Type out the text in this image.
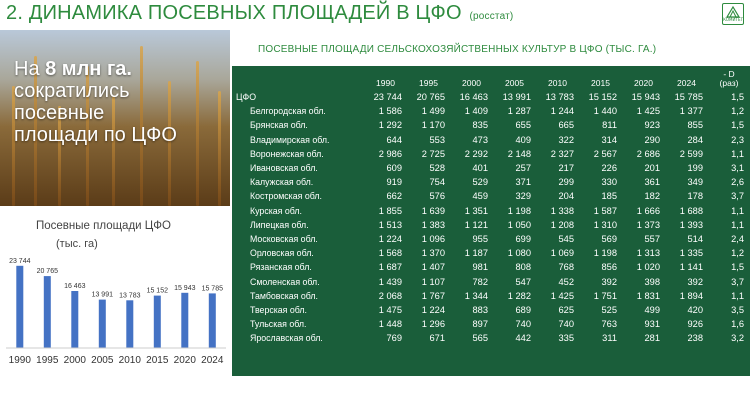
2. ДИНАМИКА ПОСЕВНЫХ ПЛОЩАДЕЙ В ЦФО (росстат)	КОМИТЕТ
На 8 млн га.
сократились
посевные
площади по ЦФО
Посевные площади ЦФО
(тыс. га)
23 744
1990
20 765
1995
16 463
2000
13 991
2005
13 783
2010
15 152
2015
15 943
2020
15 785
2024
ПОСЕВНЫЕ ПЛОЩАДИ СЕЛЬСКОХОЗЯЙСТВЕННЫХ КУЛЬТУР В ЦФО (ТЫС. ГА.)
	1990	1995	2000	2005	2010	2015	2020	2024	- D
(раз)

ЦФО	23 744	20 765	16 463	13 991	13 783	15 152	15 943	15 785	1,5
Белгородская обл.	1 586	1 499	1 409	1 287	1 244	1 440	1 425	1 377	1,2
Брянская обл.	1 292	1 170	835	655	665	811	923	855	1,5
Владимирская обл.	644	553	473	409	322	314	290	284	2,3
Воронежская обл.	2 986	2 725	2 292	2 148	2 327	2 567	2 686	2 599	1,1
Ивановская обл.	609	528	401	257	217	226	201	199	3,1
Калужская обл.	919	754	529	371	299	330	361	349	2,6
Костромская обл.	662	576	459	329	204	185	182	178	3,7
Курская обл.	1 855	1 639	1 351	1 198	1 338	1 587	1 666	1 688	1,1
Липецкая обл.	1 513	1 383	1 121	1 050	1 208	1 310	1 373	1 393	1,1
Московская обл.	1 224	1 096	955	699	545	569	557	514	2,4
Орловская обл.	1 568	1 370	1 187	1 080	1 069	1 198	1 313	1 335	1,2
Рязанская обл.	1 687	1 407	981	808	768	856	1 020	1 141	1,5
Смоленская обл.	1 439	1 107	782	547	452	392	398	392	3,7
Тамбовская обл.	2 068	1 767	1 344	1 282	1 425	1 751	1 831	1 894	1,1
Тверская обл.	1 475	1 224	883	689	625	525	499	420	3,5
Тульская обл.	1 448	1 296	897	740	740	763	931	926	1,6
Ярославская обл.	769	671	565	442	335	311	281	238	3,2
